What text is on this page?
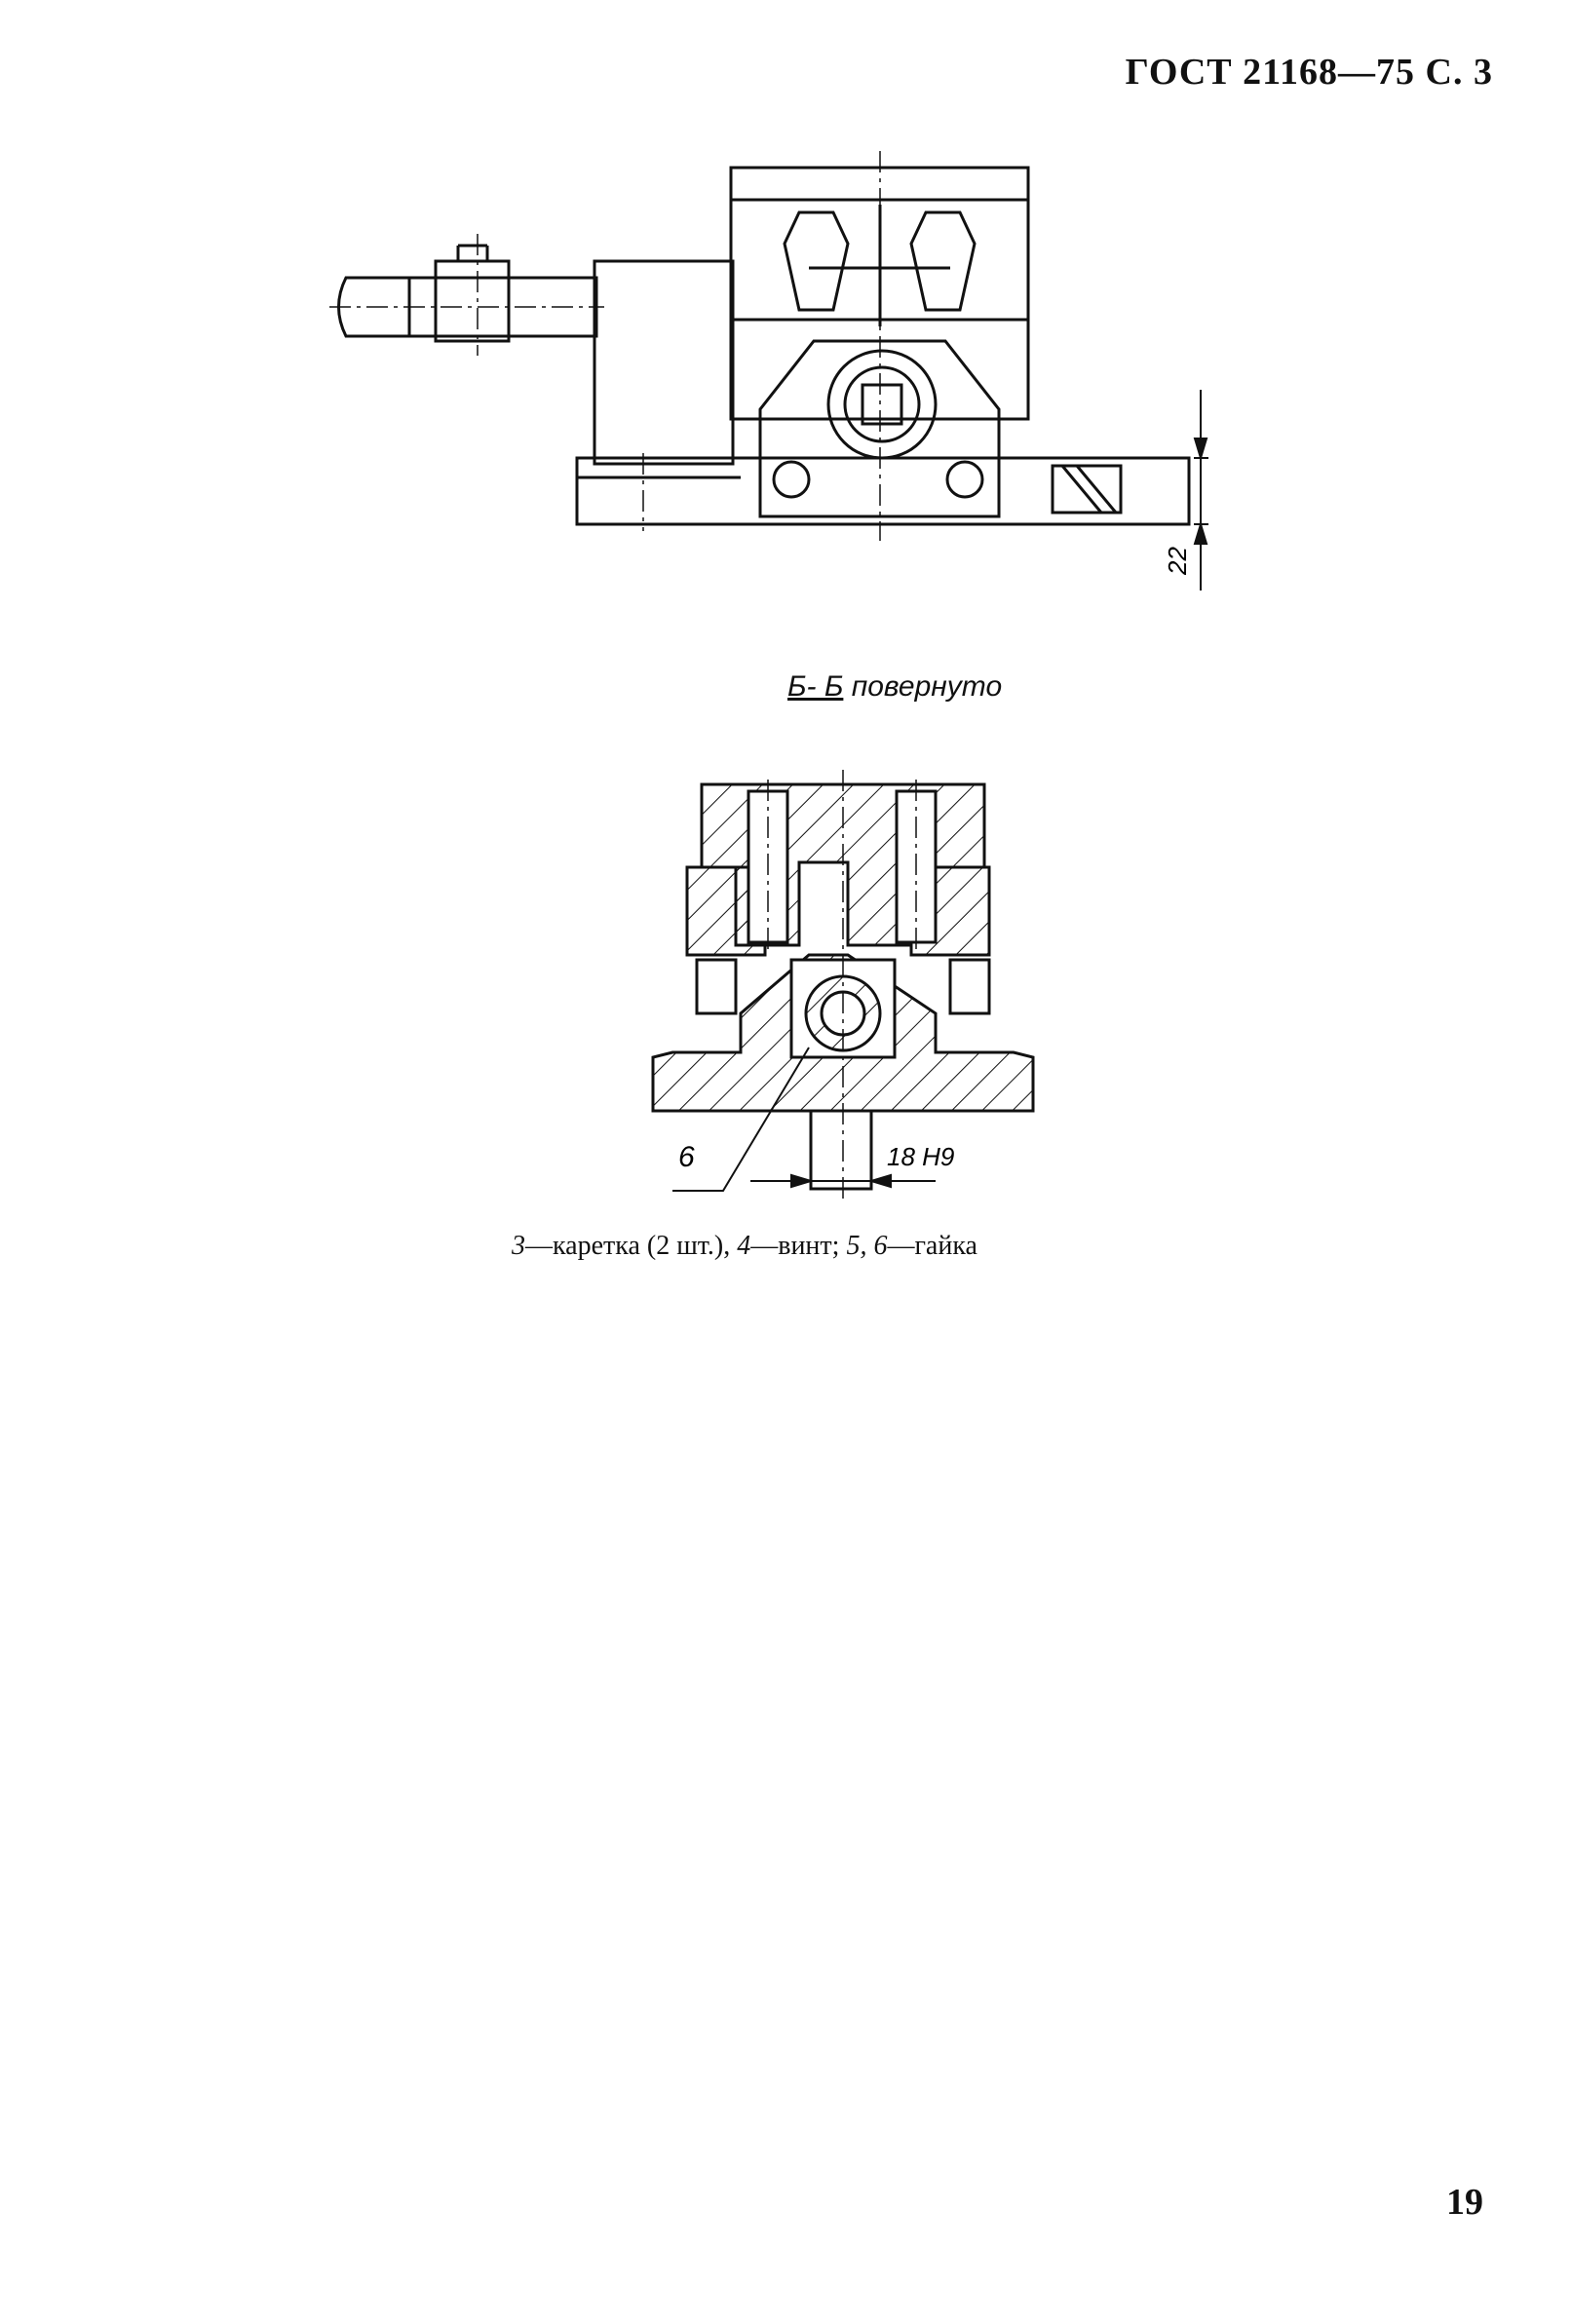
ГОСТ 21168—75 С. 3
22
Б- Б повернуто
6	18 Н9
3—каретка (2 шт.), 4—винт; 5, 6—гайка
19
